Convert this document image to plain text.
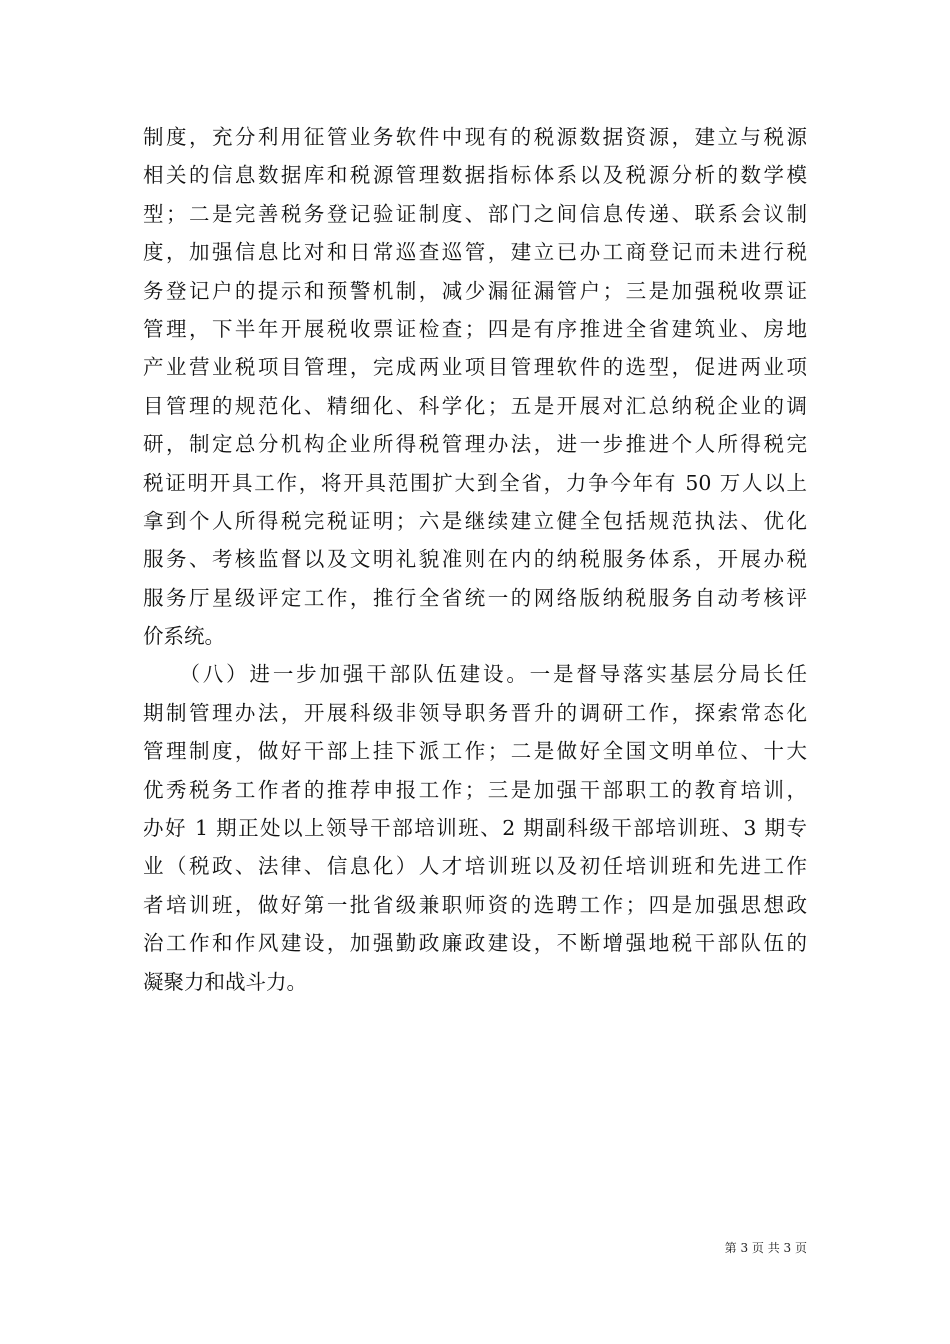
制度，充分利用征管业务软件中现有的税源数据资源，建立与税源
相关的信息数据库和税源管理数据指标体系以及税源分析的数学模
型；二是完善税务登记验证制度、部门之间信息传递、联系会议制
度，加强信息比对和日常巡查巡管，建立已办工商登记而未进行税
务登记户的提示和预警机制，减少漏征漏管户；三是加强税收票证
管理，下半年开展税收票证检查；四是有序推进全省建筑业、房地
产业营业税项目管理，完成两业项目管理软件的选型，促进两业项
目管理的规范化、精细化、科学化；五是开展对汇总纳税企业的调
研，制定总分机构企业所得税管理办法，进一步推进个人所得税完
税证明开具工作，将开具范围扩大到全省，力争今年有 50 万人以上
拿到个人所得税完税证明；六是继续建立健全包括规范执法、优化
服务、考核监督以及文明礼貌准则在内的纳税服务体系，开展办税
服务厅星级评定工作，推行全省统一的网络版纳税服务自动考核评
价系统。
　　（八）进一步加强干部队伍建设。一是督导落实基层分局长任
期制管理办法，开展科级非领导职务晋升的调研工作，探索常态化
管理制度，做好干部上挂下派工作；二是做好全国文明单位、十大
优秀税务工作者的推荐申报工作；三是加强干部职工的教育培训，
办好 1 期正处以上领导干部培训班、2 期副科级干部培训班、3 期专
业（税政、法律、信息化）人才培训班以及初任培训班和先进工作
者培训班，做好第一批省级兼职师资的选聘工作；四是加强思想政
治工作和作风建设，加强勤政廉政建设，不断增强地税干部队伍的
凝聚力和战斗力。
第 3 页 共 3 页
